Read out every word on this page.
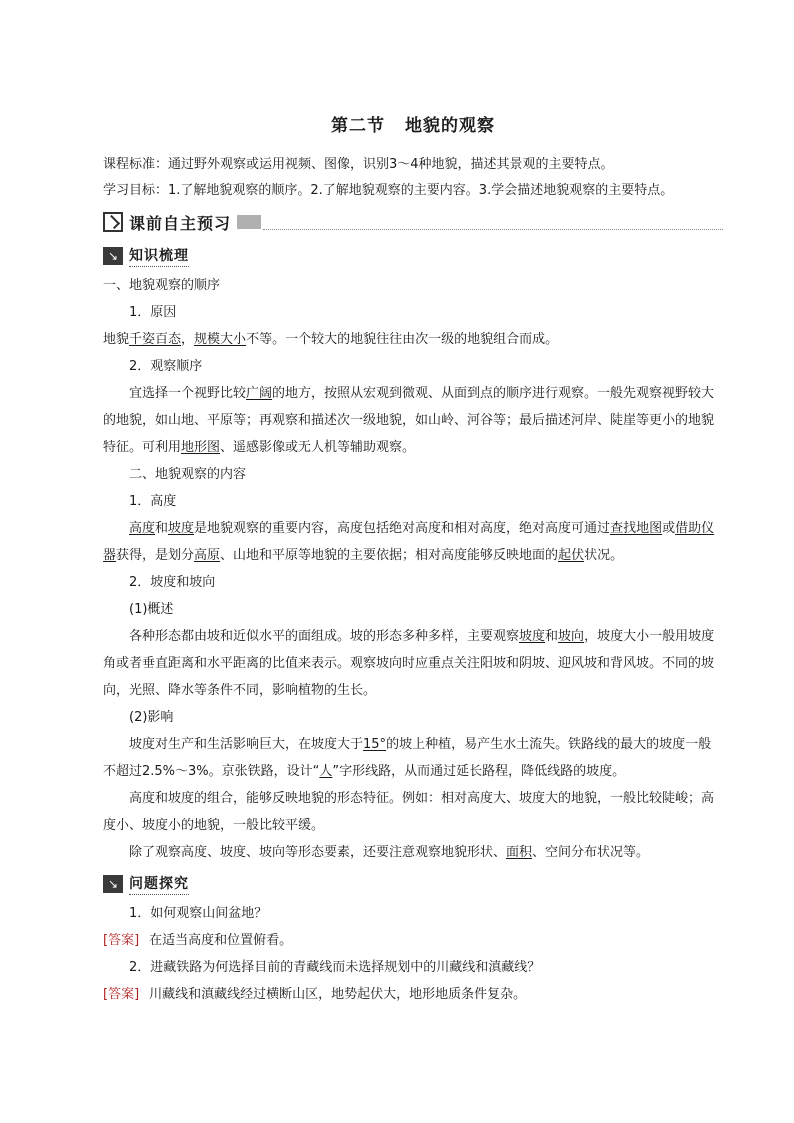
第二节 地貌的观察

课程标准：通过野外观察或运用视频、图像，识别3～4种地貌，描述其景观的主要特点。

学习目标：1.了解地貌观察的顺序。2.了解地貌观察的主要内容。3.学会描述地貌观察的主要特点。

课前自主预习
↘ 知识梳理

一、地貌观察的顺序

1．原因

地貌千姿百态，规模大小不等。一个较大的地貌往往由次一级的地貌组合而成。

2．观察顺序

宜选择一个视野比较广阔的地方，按照从宏观到微观、从面到点的顺序进行观察。一般先观察视野较大的地貌，如山地、平原等；再观察和描述次一级地貌，如山岭、河谷等；最后描述河岸、陡崖等更小的地貌特征。可利用地形图、遥感影像或无人机等辅助观察。

二、地貌观察的内容

1．高度

高度和坡度是地貌观察的重要内容，高度包括绝对高度和相对高度，绝对高度可通过查找地图或借助仪器获得，是划分高原、山地和平原等地貌的主要依据；相对高度能够反映地面的起伏状况。

2．坡度和坡向

(1)概述

各种形态都由坡和近似水平的面组成。坡的形态多种多样，主要观察坡度和坡向，坡度大小一般用坡度角或者垂直距离和水平距离的比值来表示。观察坡向时应重点关注阳坡和阴坡、迎风坡和背风坡。不同的坡向，光照、降水等条件不同，影响植物的生长。

(2)影响

坡度对生产和生活影响巨大，在坡度大于15°的坡上种植，易产生水土流失。铁路线的最大的坡度一般不超过2.5%～3%。京张铁路，设计“人”字形线路，从而通过延长路程，降低线路的坡度。

高度和坡度的组合，能够反映地貌的形态特征。例如：相对高度大、坡度大的地貌，一般比较陡峻；高度小、坡度小的地貌，一般比较平缓。

除了观察高度、坡度、坡向等形态要素，还要注意观察地貌形状、面积、空间分布状况等。

↘ 问题探究

1．如何观察山间盆地？

[答案] 在适当高度和位置俯看。

2．进藏铁路为何选择目前的青藏线而未选择规划中的川藏线和滇藏线？

[答案] 川藏线和滇藏线经过横断山区，地势起伏大，地形地质条件复杂。
